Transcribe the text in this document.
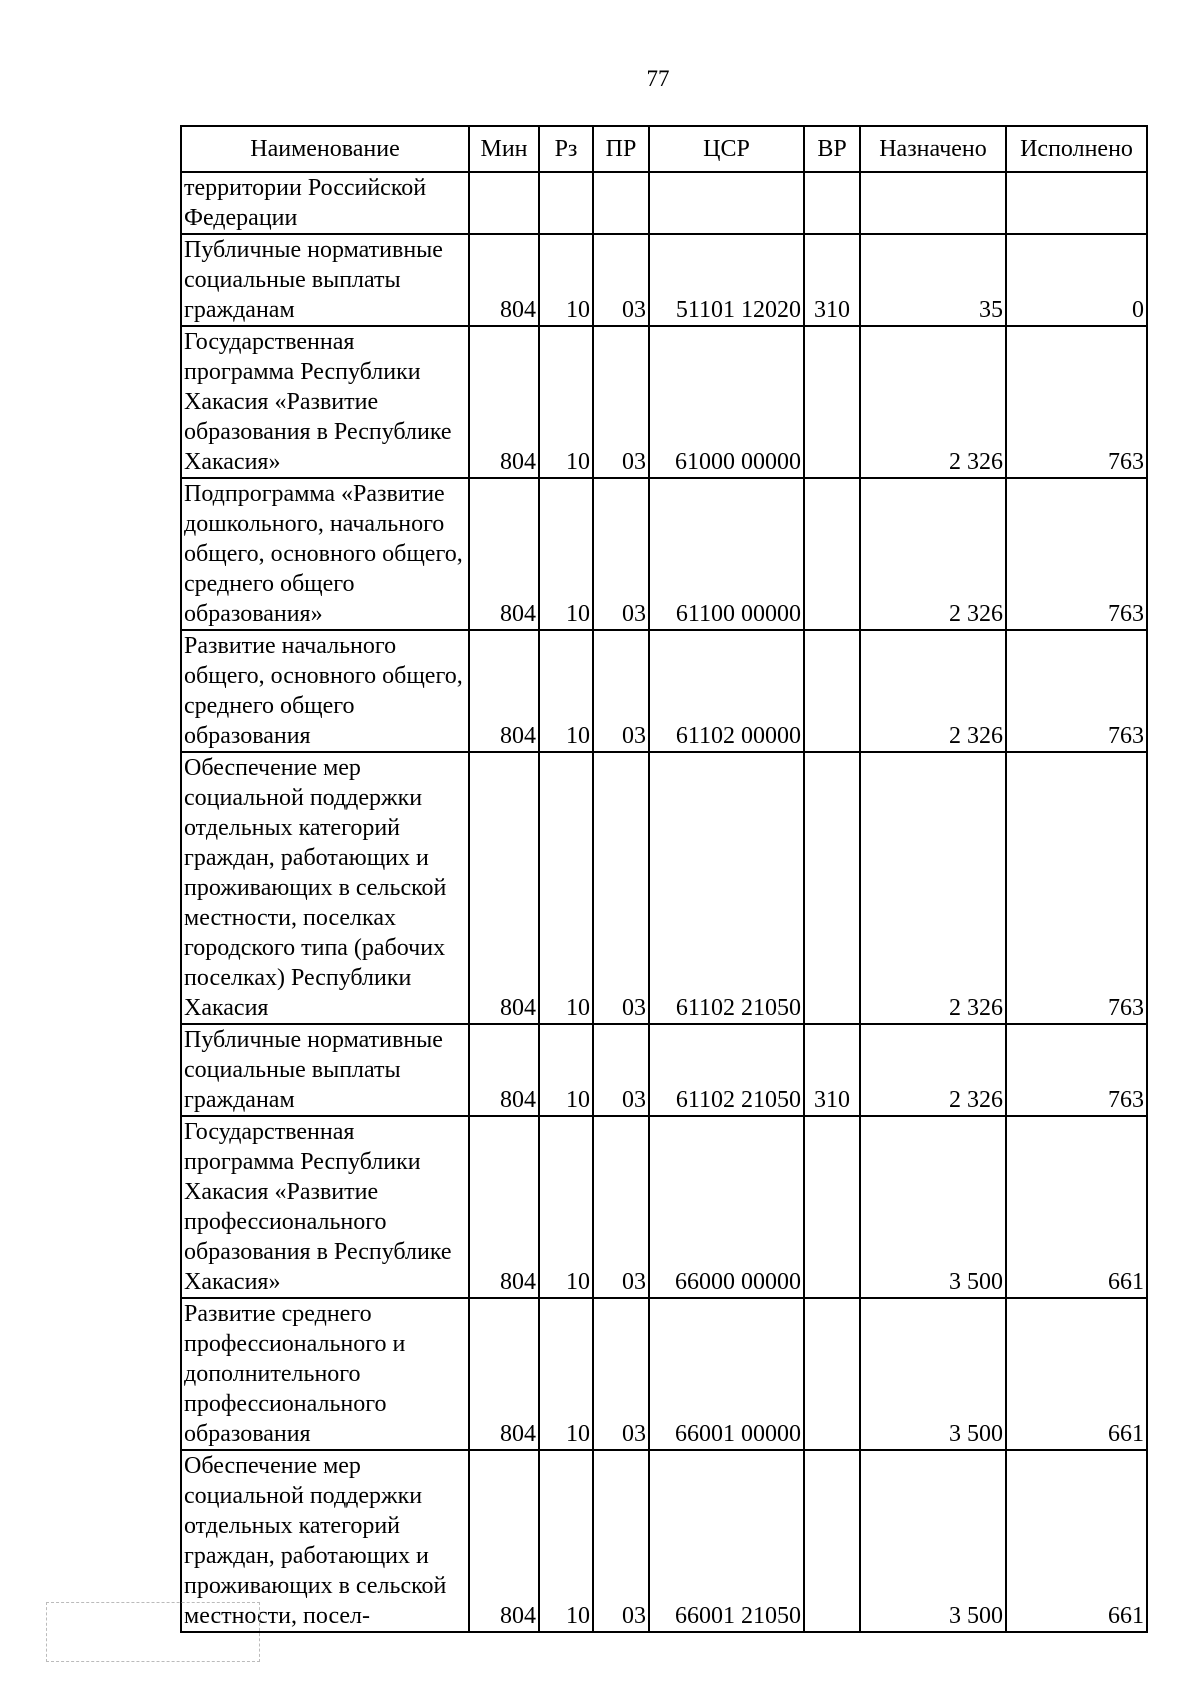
77
Наименование	Мин	Рз	ПР	ЦСР	ВР	Назначено	Исполнено
территории Российской Федерации							
Публичные нормативные социальные выплаты гражданам	804	10	03	51101 12020	310	35	0
Государственная программа Республики Хакасия «Развитие образования в Республике Хакасия»	804	10	03	61000 00000		2 326	763
Подпрограмма «Развитие дошкольного, начального общего, основного общего, среднего общего образования»	804	10	03	61100 00000		2 326	763
Развитие начального общего, основного общего, среднего общего образования	804	10	03	61102 00000		2 326	763
Обеспечение мер социальной поддержки отдельных категорий граждан, работающих и проживающих в сельской местности, поселках городского типа (рабочих поселках) Республики Хакасия	804	10	03	61102 21050		2 326	763
Публичные нормативные социальные выплаты гражданам	804	10	03	61102 21050	310	2 326	763
Государственная программа Республики Хакасия «Развитие профессионального образования в Республике Хакасия»	804	10	03	66000 00000		3 500	661
Развитие среднего профессионального и дополнительного профессионального образования	804	10	03	66001 00000		3 500	661
Обеспечение мер социальной поддержки отдельных категорий граждан, работающих и проживающих в сельской местности, посел-	804	10	03	66001 21050		3 500	661
